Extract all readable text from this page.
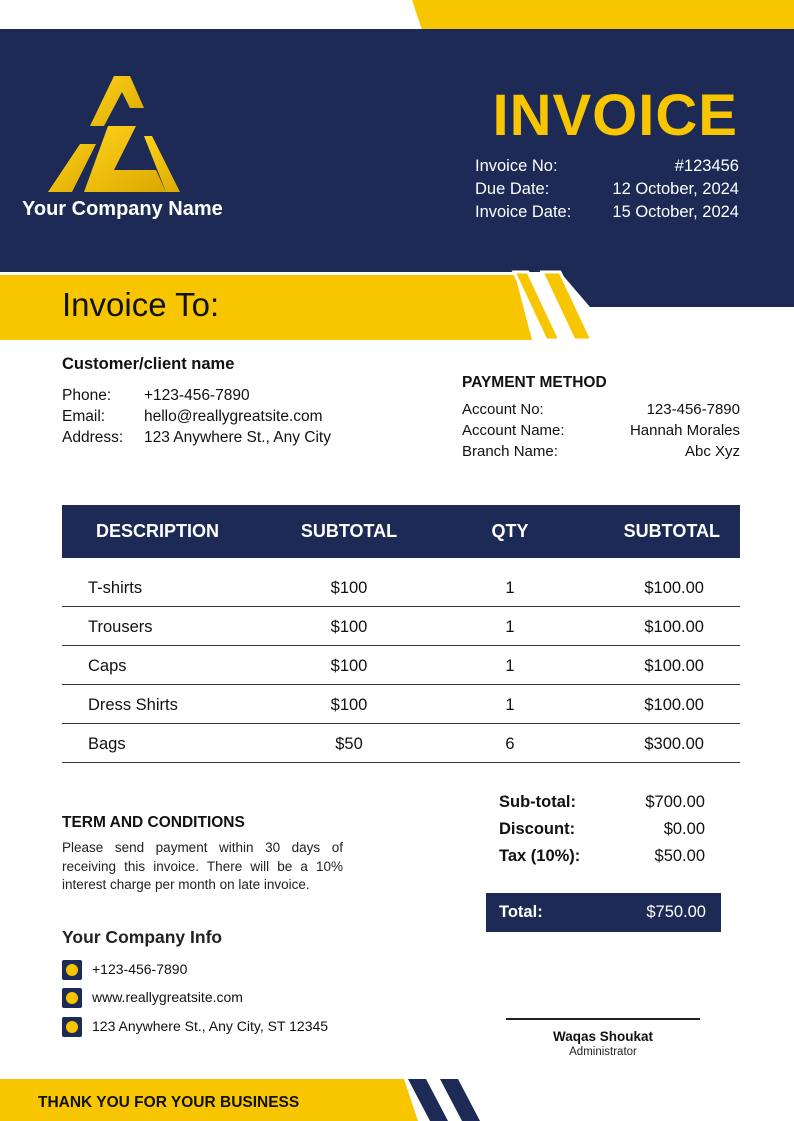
Your Company Name
INVOICE
Invoice No:	#123456
Due Date:	12 October, 2024
Invoice Date: 15 October, 2024
Invoice To:
Customer/client name
Phone: +123-456-7890
Email:	hello@reallygreatsite.com
Address: 123 Anywhere St., Any City
PAYMENT METHOD
Account No:	123-456-7890
Account Name:	Hannah Morales
Branch Name:	Abc Xyz
DESCRIPTION	SUBTOTAL	QTY	SUBTOTAL
T-shirts	$100	1	$100.00
Trousers	$100	1	$100.00
Caps	$100	1	$100.00
Dress Shirts	$100	1	$100.00
Bags	$50	6	$300.00
Sub-total:	$700.00
Discount:	$0.00
Tax (10%):	$50.00
Total:	$750.00
TERM AND CONDITIONS
Please send payment within 30 days of receiving this invoice. There will be a 10% interest charge per month on late invoice.
Your Company Info
+123-456-7890
www.reallygreatsite.com
123 Anywhere St., Any City, ST 12345
Waqas Shoukat
Administrator
THANK YOU FOR YOUR BUSINESS
